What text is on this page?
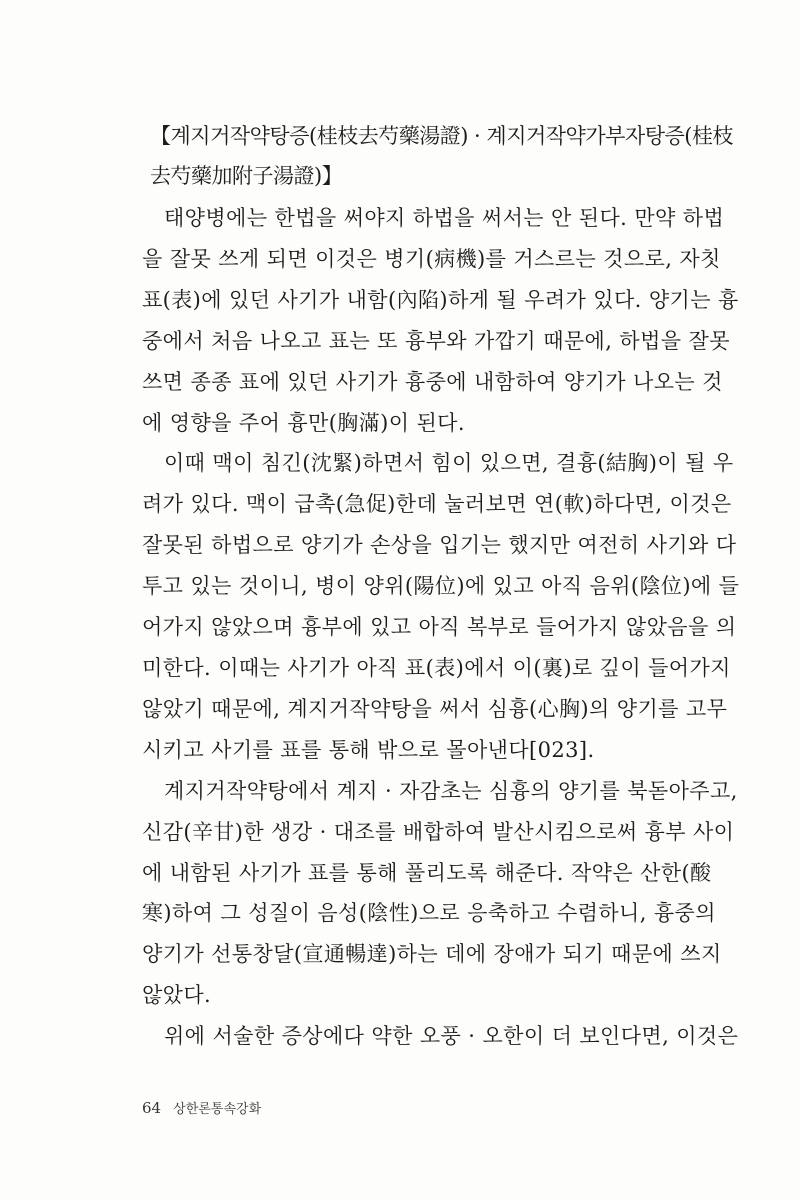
【계지거작약탕증(桂枝去芍藥湯證) · 계지거작약가부자탕증(桂枝
去芍藥加附子湯證)】
태양병에는 한법을 써야지 하법을 써서는 안 된다. 만약 하법
을 잘못 쓰게 되면 이것은 병기(病機)를 거스르는 것으로, 자칫
표(表)에 있던 사기가 내함(內陷)하게 될 우려가 있다. 양기는 흉
중에서 처음 나오고 표는 또 흉부와 가깝기 때문에, 하법을 잘못
쓰면 종종 표에 있던 사기가 흉중에 내함하여 양기가 나오는 것
에 영향을 주어 흉만(胸滿)이 된다.
이때 맥이 침긴(沈緊)하면서 힘이 있으면, 결흉(結胸)이 될 우
려가 있다. 맥이 급촉(急促)한데 눌러보면 연(軟)하다면, 이것은
잘못된 하법으로 양기가 손상을 입기는 했지만 여전히 사기와 다
투고 있는 것이니, 병이 양위(陽位)에 있고 아직 음위(陰位)에 들
어가지 않았으며 흉부에 있고 아직 복부로 들어가지 않았음을 의
미한다. 이때는 사기가 아직 표(表)에서 이(裏)로 깊이 들어가지
않았기 때문에, 계지거작약탕을 써서 심흉(心胸)의 양기를 고무
시키고 사기를 표를 통해 밖으로 몰아낸다[023].
계지거작약탕에서 계지 · 자감초는 심흉의 양기를 북돋아주고,
신감(辛甘)한 생강 · 대조를 배합하여 발산시킴으로써 흉부 사이
에 내함된 사기가 표를 통해 풀리도록 해준다. 작약은 산한(酸
寒)하여 그 성질이 음성(陰性)으로 응축하고 수렴하니, 흉중의
양기가 선통창달(宣通暢達)하는 데에 장애가 되기 때문에 쓰지
않았다.
위에 서술한 증상에다 약한 오풍 · 오한이 더 보인다면, 이것은
64 상한론통속강화
